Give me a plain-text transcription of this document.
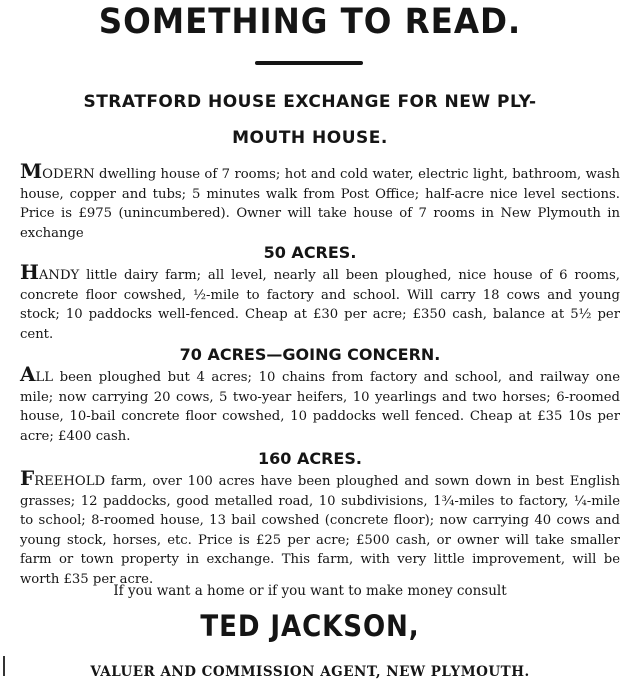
SOMETHING TO READ.
STRATFORD HOUSE EXCHANGE FOR NEW PLY-
MOUTH HOUSE.
MODERN dwelling house of 7 rooms; hot and cold water, electric light, bathroom, wash house, copper and tubs; 5 minutes walk from Post Office; half-acre nice level sections. Price is £975 (unincumbered). Owner will take house of 7 rooms in New Plymouth in exchange
50 ACRES.
HANDY little dairy farm; all level, nearly all been ploughed, nice house of 6 rooms, concrete floor cowshed, ½-mile to factory and school. Will carry 18 cows and young stock; 10 paddocks well-fenced. Cheap at £30 per acre; £350 cash, balance at 5½ per cent.
70 ACRES—GOING CONCERN.
ALL been ploughed but 4 acres; 10 chains from factory and school, and railway one mile; now carrying 20 cows, 5 two-year heifers, 10 yearlings and two horses; 6-roomed house, 10-bail concrete floor cowshed, 10 paddocks well fenced. Cheap at £35 10s per acre; £400 cash.
160 ACRES.
FREEHOLD farm, over 100 acres have been ploughed and sown down in best English grasses; 12 paddocks, good metalled road, 10 subdivisions, 1¾-miles to factory, ¼-mile to school; 8-roomed house, 13 bail cowshed (concrete floor); now carrying 40 cows and young stock, horses, etc. Price is £25 per acre; £500 cash, or owner will take smaller farm or town property in exchange. This farm, with very little improvement, will be worth £35 per acre.
If you want a home or if you want to make money consult
TED JACKSON,
VALUER AND COMMISSION AGENT, NEW PLYMOUTH.
